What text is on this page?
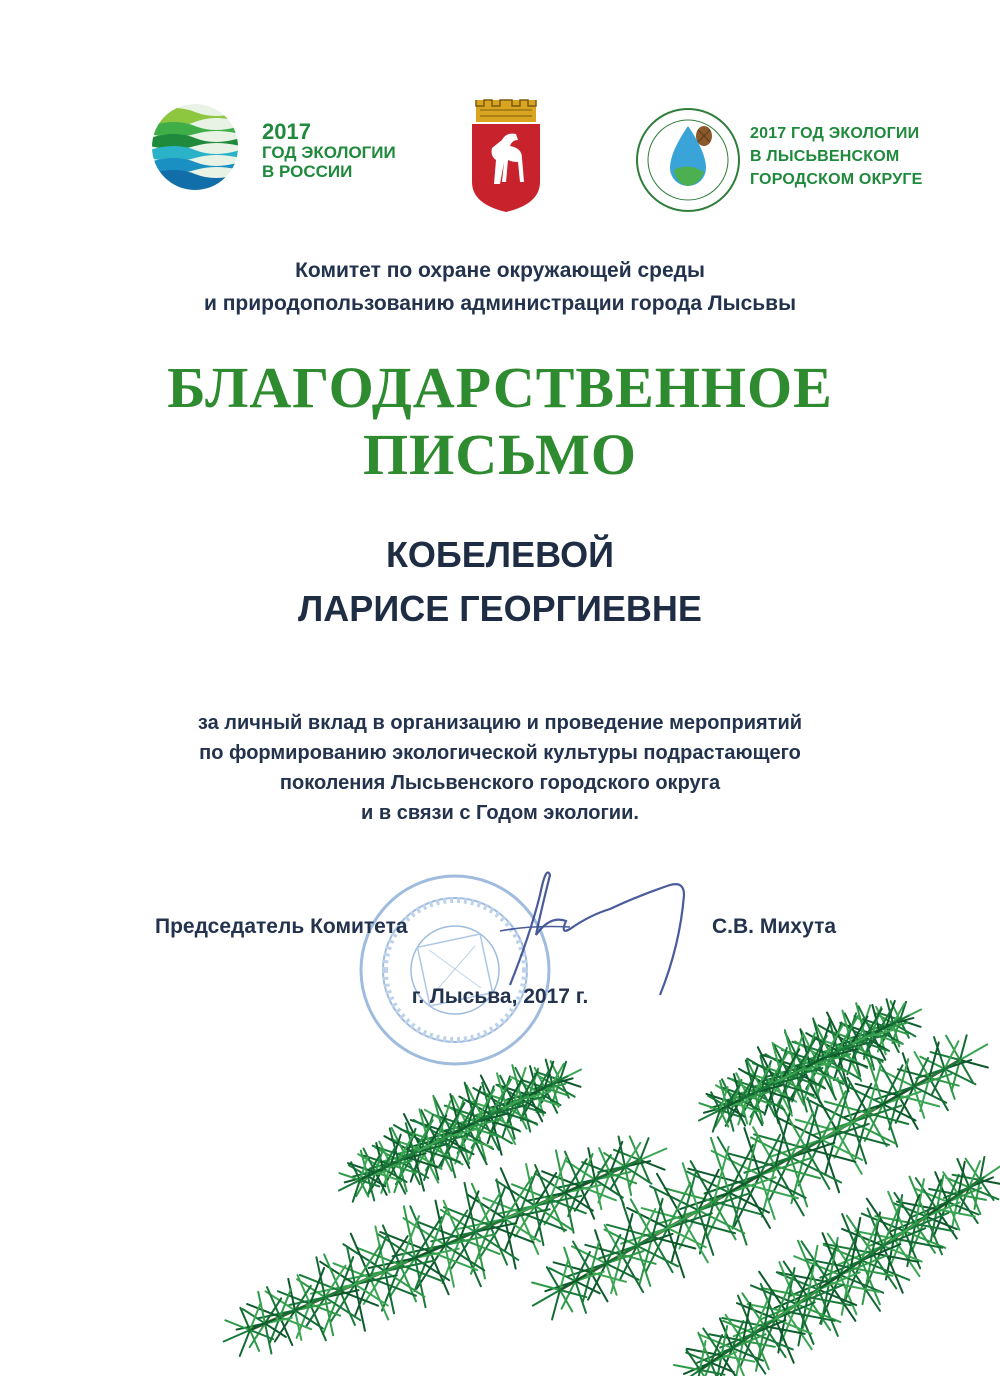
2017
ГОД ЭКОЛОГИИ
В РОССИИ
2017 ГОД ЭКОЛОГИИ
В ЛЫСЬВЕНСКОМ
ГОРОДСКОМ ОКРУГЕ
Комитет по охране окружающей среды
и природопользованию администрации города Лысьвы
БЛАГОДАРСТВЕННОЕ
ПИСЬМО
КОБЕЛЕВОЙ
ЛАРИСЕ ГЕОРГИЕВНЕ
за личный вклад в организацию и проведение мероприятий
по формированию экологической культуры подрастающего
поколения Лысьвенского городского округа
и в связи с Годом экологии.
Председатель Комитета	С.В. Михута
г. Лысьва, 2017 г.
